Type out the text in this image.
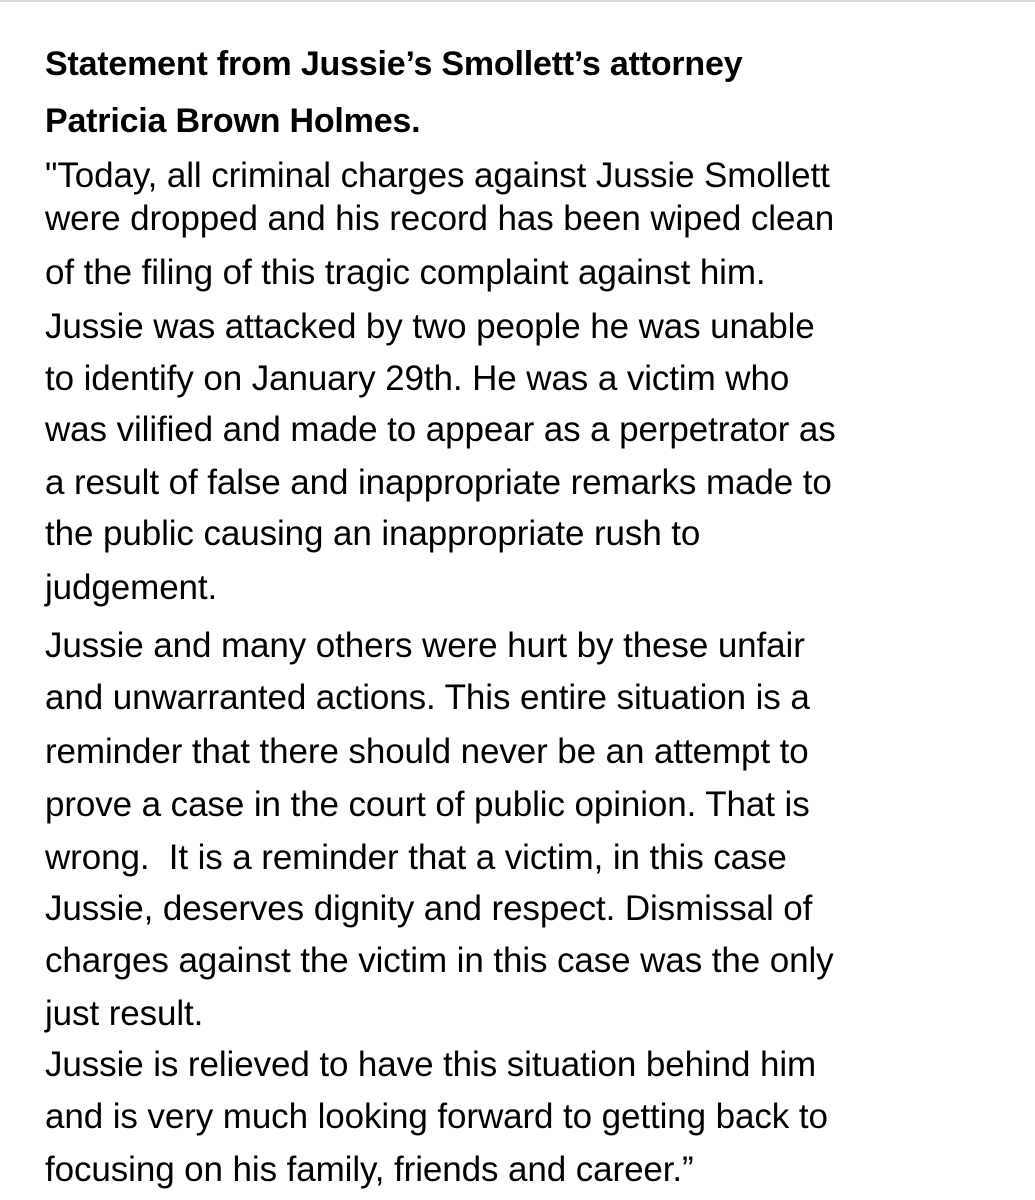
Statement from Jussie’s Smollett’s attorney
Patricia Brown Holmes.
"Today, all criminal charges against Jussie Smollett
were dropped and his record has been wiped clean
of the filing of this tragic complaint against him.
Jussie was attacked by two people he was unable
to identify on January 29th. He was a victim who
was vilified and made to appear as a perpetrator as
a result of false and inappropriate remarks made to
the public causing an inappropriate rush to
judgement.
Jussie and many others were hurt by these unfair
and unwarranted actions. This entire situation is a
reminder that there should never be an attempt to
prove a case in the court of public opinion. That is
wrong.  It is a reminder that a victim, in this case
Jussie, deserves dignity and respect. Dismissal of
charges against the victim in this case was the only
just result.
Jussie is relieved to have this situation behind him
and is very much looking forward to getting back to
focusing on his family, friends and career.”
